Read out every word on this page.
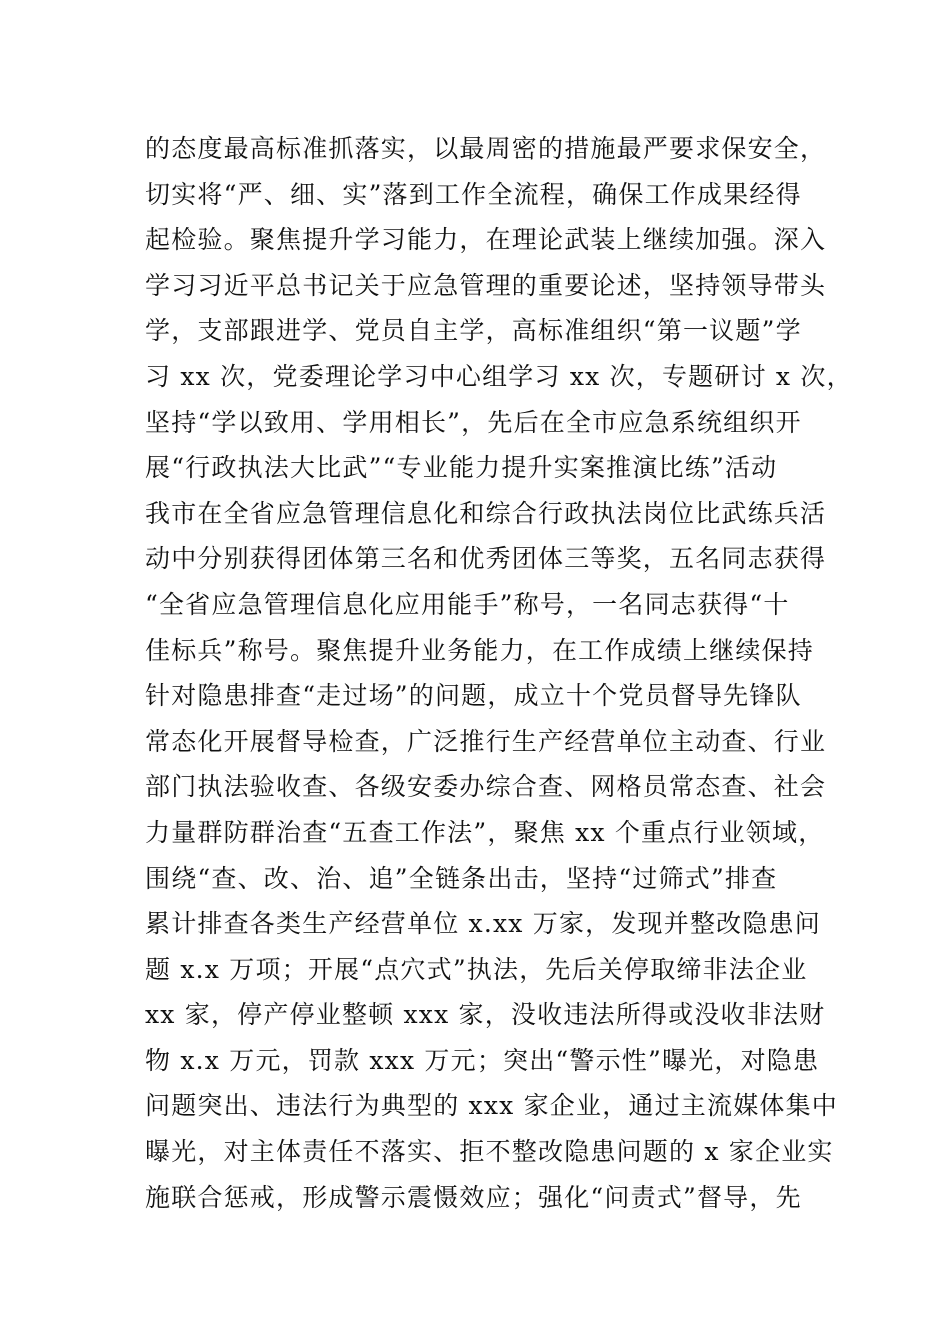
的态度最高标准抓落实，以最周密的措施最严要求保安全，
切实将“严、细、实”落到工作全流程，确保工作成果经得
起检验。聚焦提升学习能力，在理论武装上继续加强。深入
学习习近平总书记关于应急管理的重要论述，坚持领导带头
学，支部跟进学、党员自主学，高标准组织“第一议题”学
习 xx 次，党委理论学习中心组学习 xx 次，专题研讨 x 次，
坚持“学以致用、学用相长”，先后在全市应急系统组织开
展“行政执法大比武”“专业能力提升实案推演比练”活动
我市在全省应急管理信息化和综合行政执法岗位比武练兵活
动中分别获得团体第三名和优秀团体三等奖，五名同志获得
“全省应急管理信息化应用能手”称号，一名同志获得“十
佳标兵”称号。聚焦提升业务能力，在工作成绩上继续保持
针对隐患排查“走过场”的问题，成立十个党员督导先锋队
常态化开展督导检查，广泛推行生产经营单位主动查、行业
部门执法验收查、各级安委办综合查、网格员常态查、社会
力量群防群治查“五查工作法”，聚焦 xx 个重点行业领域，
围绕“查、改、治、追”全链条出击，坚持“过筛式”排查
累计排查各类生产经营单位 x.xx 万家，发现并整改隐患问
题 x.x 万项；开展“点穴式”执法，先后关停取缔非法企业
xx 家，停产停业整顿 xxx 家，没收违法所得或没收非法财
物 x.x 万元，罚款 xxx 万元；突出“警示性”曝光，对隐患
问题突出、违法行为典型的 xxx 家企业，通过主流媒体集中
曝光，对主体责任不落实、拒不整改隐患问题的 x 家企业实
施联合惩戒，形成警示震慑效应；强化“问责式”督导，先
